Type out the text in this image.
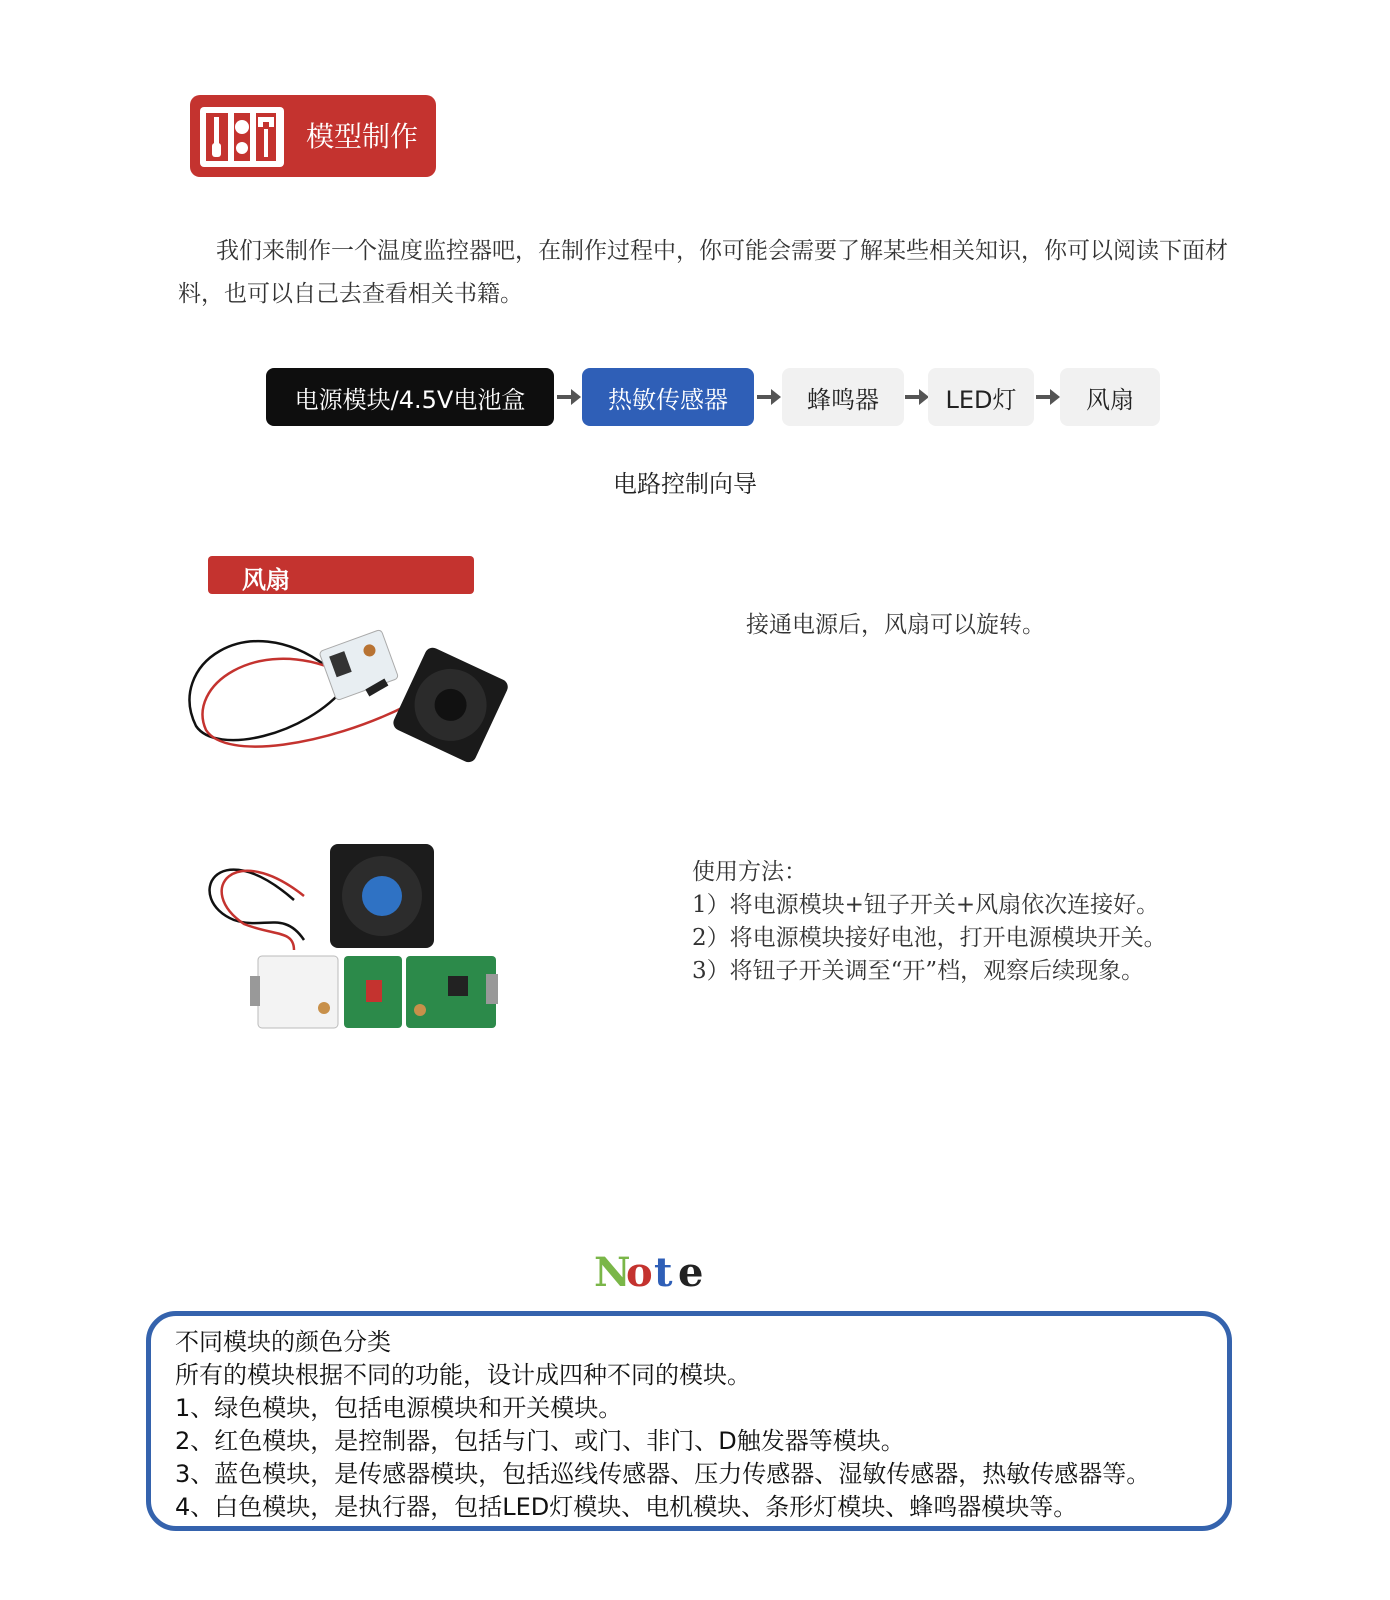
模型制作
我们来制作一个温度监控器吧，在制作过程中，你可能会需要了解某些相关知识，你可以阅读下面材料，也可以自己去查看相关书籍。
电源模块/4.5V电池盒	热敏传感器	蜂鸣器	LED灯	风扇
电路控制向导
风扇
接通电源后，风扇可以旋转。
使用方法：
1）将电源模块+钮子开关+风扇依次连接好。
2）将电源模块接好电池，打开电源模块开关。
3）将钮子开关调至“开”档，观察后续现象。
N
o t e
不同模块的颜色分类
所有的模块根据不同的功能，设计成四种不同的模块。
1、绿色模块，包括电源模块和开关模块。
2、红色模块，是控制器，包括与门、或门、非门、D触发器等模块。
3、蓝色模块，是传感器模块，包括巡线传感器、压力传感器、湿敏传感器，热敏传感器等。
4、白色模块，是执行器，包括LED灯模块、电机模块、条形灯模块、蜂鸣器模块等。
